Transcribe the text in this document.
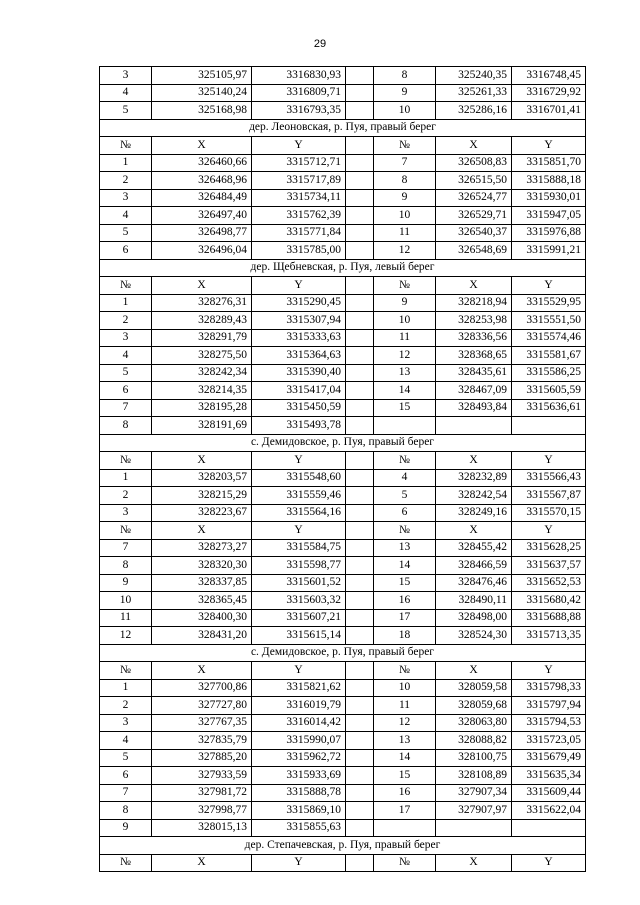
29
3	325105,97	3316830,93		8	325240,35	3316748,45
4	325140,24	3316809,71		9	325261,33	3316729,92
5	325168,98	3316793,35		10	325286,16	3316701,41
дер. Леоновская, р. Пуя, правый берег						
№	X	Y		№	X	Y
1	326460,66	3315712,71		7	326508,83	3315851,70
2	326468,96	3315717,89		8	326515,50	3315888,18
3	326484,49	3315734,11		9	326524,77	3315930,01
4	326497,40	3315762,39		10	326529,71	3315947,05
5	326498,77	3315771,84		11	326540,37	3315976,88
6	326496,04	3315785,00		12	326548,69	3315991,21
дер. Щебневская, р. Пуя, левый берег						
№	X	Y		№	X	Y
1	328276,31	3315290,45		9	328218,94	3315529,95
2	328289,43	3315307,94		10	328253,98	3315551,50
3	328291,79	3315333,63		11	328336,56	3315574,46
4	328275,50	3315364,63		12	328368,65	3315581,67
5	328242,34	3315390,40		13	328435,61	3315586,25
6	328214,35	3315417,04		14	328467,09	3315605,59
7	328195,28	3315450,59		15	328493,84	3315636,61
8	328191,69	3315493,78				
с. Демидовское, р. Пуя, правый берег						
№	X	Y		№	X	Y
1	328203,57	3315548,60		4	328232,89	3315566,43
2	328215,29	3315559,46		5	328242,54	3315567,87
3	328223,67	3315564,16		6	328249,16	3315570,15
№	X	Y		№	X	Y
7	328273,27	3315584,75		13	328455,42	3315628,25
8	328320,30	3315598,77		14	328466,59	3315637,57
9	328337,85	3315601,52		15	328476,46	3315652,53
10	328365,45	3315603,32		16	328490,11	3315680,42
11	328400,30	3315607,21		17	328498,00	3315688,88
12	328431,20	3315615,14		18	328524,30	3315713,35
с. Демидовское, р. Пуя, правый берег						
№	X	Y		№	X	Y
1	327700,86	3315821,62		10	328059,58	3315798,33
2	327727,80	3316019,79		11	328059,68	3315797,94
3	327767,35	3316014,42		12	328063,80	3315794,53
4	327835,79	3315990,07		13	328088,82	3315723,05
5	327885,20	3315962,72		14	328100,75	3315679,49
6	327933,59	3315933,69		15	328108,89	3315635,34
7	327981,72	3315888,78		16	327907,34	3315609,44
8	327998,77	3315869,10		17	327907,97	3315622,04
9	328015,13	3315855,63				
дер. Степачевская, р. Пуя, правый берег						
№	X	Y		№	X	Y
